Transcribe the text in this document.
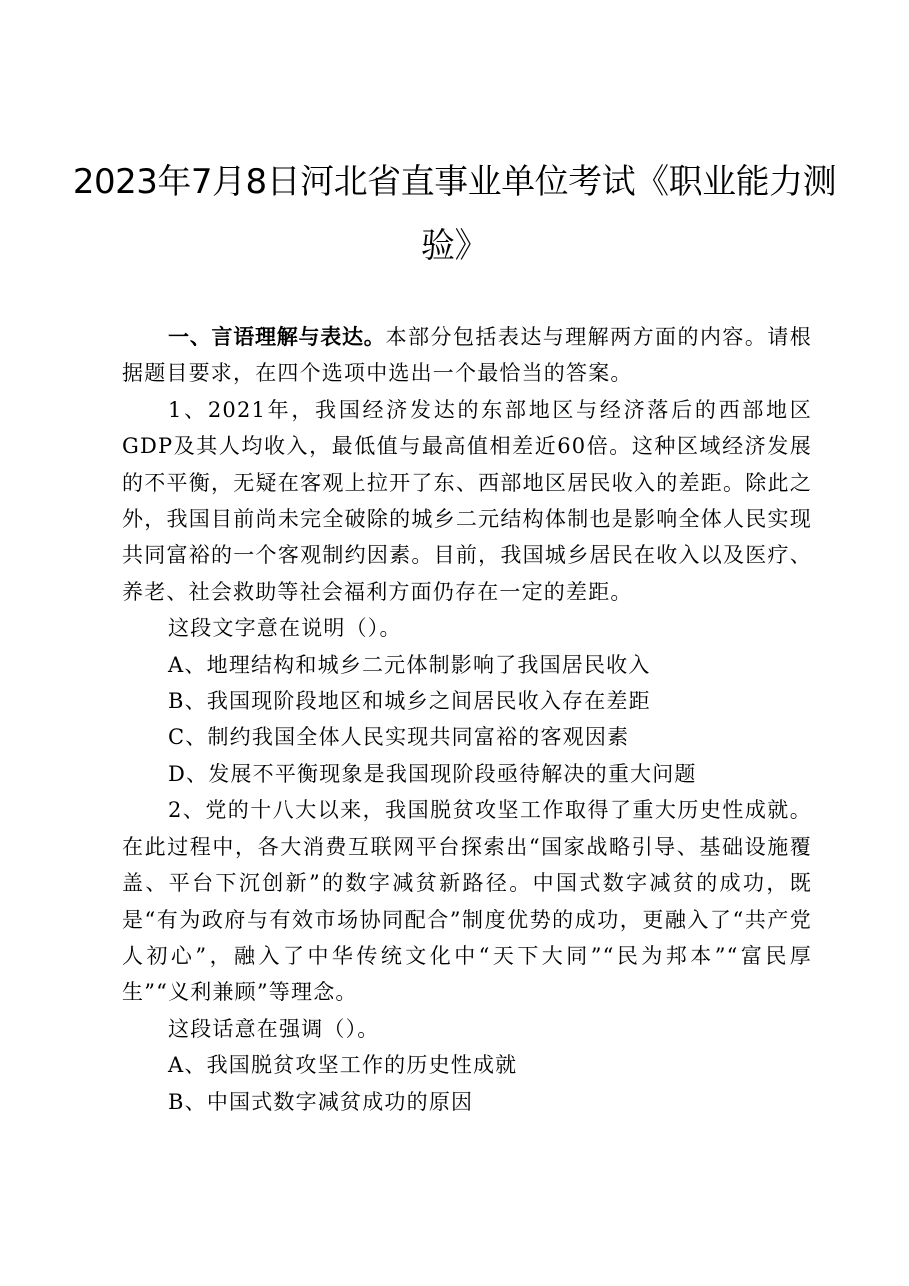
2023年7月8日河北省直事业单位考试《职业能力测验》

一、言语理解与表达。本部分包括表达与理解两方面的内容。请根据题目要求，在四个选项中选出一个最恰当的答案。

1、2021年，我国经济发达的东部地区与经济落后的西部地区GDP及其人均收入，最低值与最高值相差近60倍。这种区域经济发展的不平衡，无疑在客观上拉开了东、西部地区居民收入的差距。除此之外，我国目前尚未完全破除的城乡二元结构体制也是影响全体人民实现共同富裕的一个客观制约因素。目前，我国城乡居民在收入以及医疗、养老、社会救助等社会福利方面仍存在一定的差距。

这段文字意在说明（）。

A、地理结构和城乡二元体制影响了我国居民收入

B、我国现阶段地区和城乡之间居民收入存在差距

C、制约我国全体人民实现共同富裕的客观因素

D、发展不平衡现象是我国现阶段亟待解决的重大问题

2、党的十八大以来，我国脱贫攻坚工作取得了重大历史性成就。在此过程中，各大消费互联网平台探索出“国家战略引导、基础设施覆盖、平台下沉创新”的数字减贫新路径。中国式数字减贫的成功，既是“有为政府与有效市场协同配合”制度优势的成功，更融入了“共产党人初心”，融入了中华传统文化中“天下大同”“民为邦本”“富民厚生”“义利兼顾”等理念。

这段话意在强调（）。

A、我国脱贫攻坚工作的历史性成就

B、中国式数字减贫成功的原因
